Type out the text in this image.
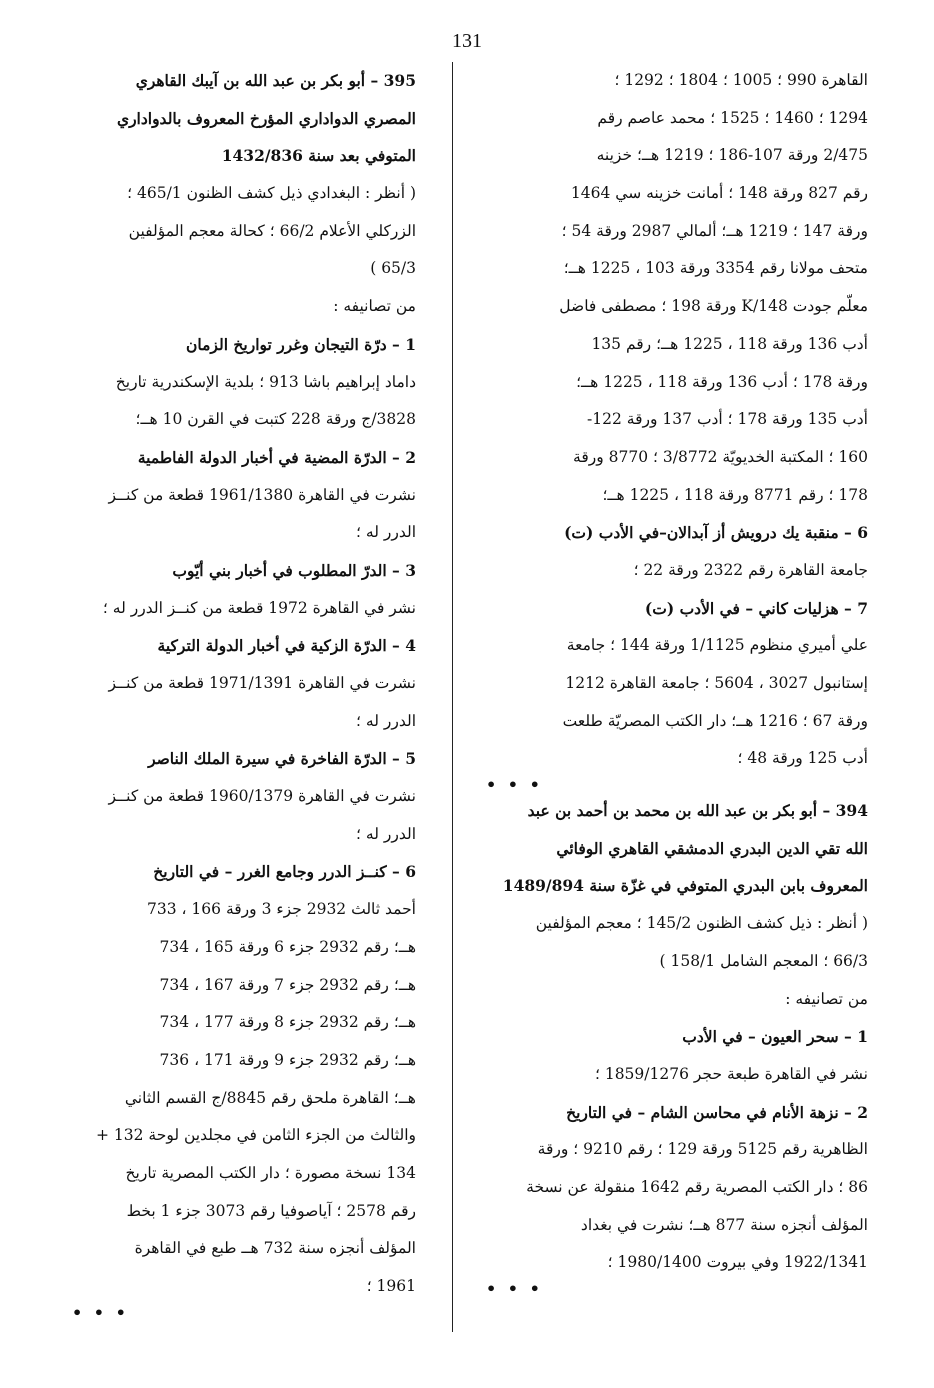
131
القاهرة 990 ؛ 1005 ؛ 1804 ؛ 1292 ؛
1294 ؛ 1460 ؛ 1525 ؛ محمد عاصم رقم
2/475 ورقة 107-186 ؛ 1219 هــ؛ خزينه
رقم 827 ورقة 148 ؛ أمانت خزينه سي 1464
ورقة 147 ؛ 1219 هــ؛ ألمالي 2987 ورقة 54 ؛
متحف مولانا رقم 3354 ورقة 103 ، 1225 هــ؛
معلّم جودت 148/K ورقة 198 ؛ مصطفى فاضل
أدب 136 ورقة 118 ، 1225 هــ؛ رقم 135
ورقة 178 ؛ أدب 136 ورقة 118 ، 1225 هــ؛
أدب 135 ورقة 178 ؛ أدب 137 ورقة 122-
160 ؛ المكتبة الخديويّة 3/8772 ؛ 8770 ورقة
178 ؛ رقم 8771 ورقة 118 ، 1225 هــ؛
6 – منقبة يك درويش أز آبدالان–في الأدب (ت)
جامعة القاهرة رقم 2322 ورقة 22 ؛
7 – هزليات كاني – في الأدب (ت)
علي أميري منظوم 1/1125 ورقة 144 ؛ جامعة
إستانبول 3027 ، 5604 ؛ جامعة القاهرة 1212
ورقة 67 ؛ 1216 هــ؛ دار الكتب المصريّة طلعت
أدب 125 ورقة 48 ؛
• • •
394 – أبو بكر بن عبد الله بن محمد بن أحمد بن عبد
الله تقي الدين البدري الدمشقي القاهري الوفائي
المعروف بابن البدري المتوفي في غزّة سنة 1489/894
( أنظر : ذيل كشف الظنون 145/2 ؛ معجم المؤلفين
66/3 ؛ المعجم الشامل 158/1 )
من تصانيفه :
1 – سحر العيون – في الأدب
نشر في القاهرة طبعة حجر 1859/1276 ؛
2 – نزهة الأنام في محاسن الشام – في التاريخ
الظاهرية رقم 5125 ورقة 129 ؛ رقم 9210 ؛ ورقة
86 ؛ دار الكتب المصرية رقم 1642 منقولة عن نسخة
المؤلف أنجزه سنة 877 هــ؛ نشرت في بغداد
1922/1341 وفي بيروت 1980/1400 ؛
• • •
395 – أبو بكر بن عبد الله بن آيبك القاهري
المصري الدواداري المؤرخ المعروف بالدواداري
المتوفي بعد سنة 1432/836
( أنظر : البغدادي ذيل كشف الظنون 465/1 ؛
الزركلي الأعلام 66/2 ؛ كحالة معجم المؤلفين
65/3 )
من تصانيفه :
1 – درّة التيجان وغرر تواريخ الزمان
داماد إبراهيم باشا 913 ؛ بلدية الإسكندرية تاريخ
3828/ج ورقة 228 كتبت في القرن 10 هــ؛
2 – الدرّة المضية في أخبار الدولة الفاطمية
نشرت في القاهرة 1961/1380 قطعة من كنــز
الدرر له ؛
3 – الدرّ المطلوب في أخبار بني أيّوب
نشر في القاهرة 1972 قطعة من كنــز الدرر له ؛
4 – الدرّة الزكية في أخبار الدولة التركية
نشرت في القاهرة 1971/1391 قطعة من كنــز
الدرر له ؛
5 – الدرّة الفاخرة في سيرة الملك الناصر
نشرت في القاهرة 1960/1379 قطعة من كنــز
الدرر له ؛
6 – كنــز الدرر وجامع الغرر – في التاريخ
أحمد ثالث 2932 جزء 3 ورقة 166 ، 733
هــ؛ رقم 2932 جزء 6 ورقة 165 ، 734
هــ؛ رقم 2932 جزء 7 ورقة 167 ، 734
هــ؛ رقم 2932 جزء 8 ورقة 177 ، 734
هــ؛ رقم 2932 جزء 9 ورقة 171 ، 736
هــ؛ القاهرة ملحق رقم 8845/ج القسم الثاني
والثالث من الجزء الثامن في مجلدين لوحة 132 +
134 نسخة مصورة ؛ دار الكتب المصرية تاريخ
رقم 2578 ؛ آياصوفيا رقم 3073 جزء 1 بخط
المؤلف أنجزه سنة 732 هــ طبع في القاهرة
1961 ؛
• • •
